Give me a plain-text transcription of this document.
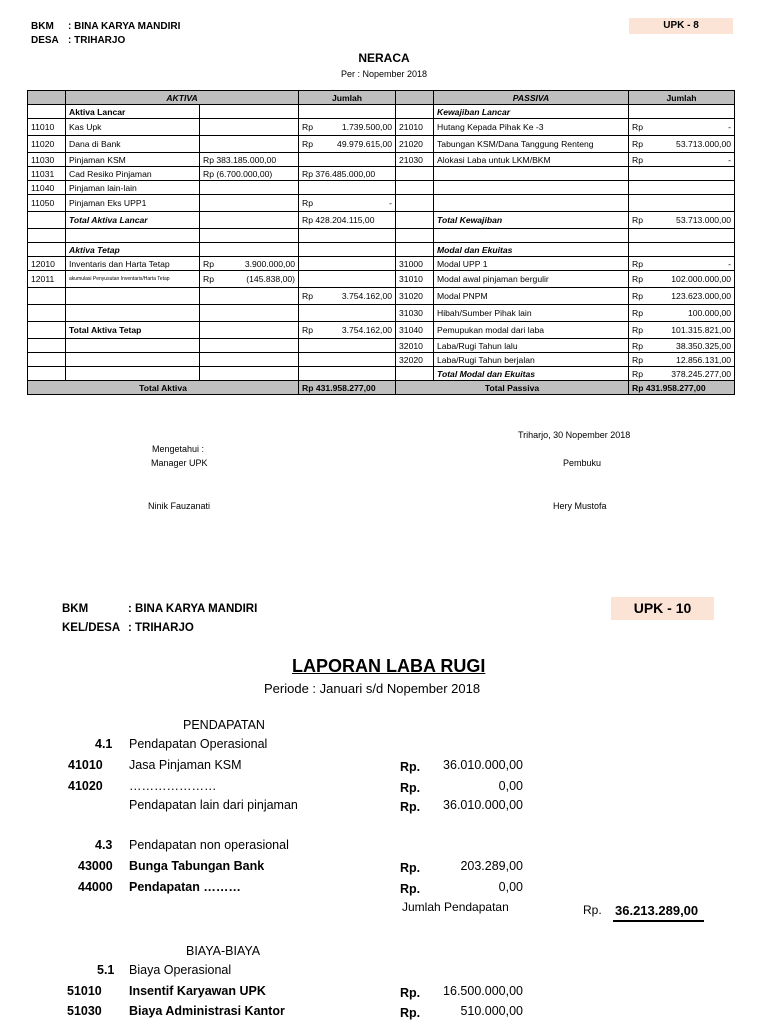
BKM : BINA KARYA MANDIRI
DESA : TRIHARJO
UPK - 8
NERACA
Per : Nopember 2018
	AKTIVA		Jumlah		PASSIVA	Jumlah
	Aktiva Lancar				Kewajiban Lancar	
11010	Kas Upk		Rp 1.739.500,00	21010	Hutang Kepada Pihak Ke -3	Rp -

11020	Dana di Bank		Rp 49.979.615,00	21020	Tabungan KSM/Dana Tanggung Renteng	Rp 53.713.000,00

11030	Pinjaman KSM	Rp 383.185.000,00		21030	Alokasi Laba untuk LKM/BKM	Rp -

11031	Cad Resiko Pinjaman	Rp (6.700.000,00)	Rp 376.485.000,00			
11040	Pinjaman lain-lain					
11050	Pinjaman Eks UPP1		Rp -			

	Total Aktiva Lancar		Rp 428.204.115,00		Total Kewajiban	Rp 53.713.000,00

	Aktiva Tetap				Modal dan Ekuitas	
12010	Inventaris dan Harta Tetap	Rp 3.900.000,00		31000	Modal UPP 1	Rp -

12011	akumulasi Penyusutan Inventaris/Harta Tetap	Rp (145.838,00)		31010	Modal awal pinjaman bergulir	Rp 102.000.000,00

			Rp 3.754.162,00	31020	Modal PNPM	Rp 123.623.000,00

				31030	Hibah/Sumber Pihak lain	Rp 100.000,00

	Total Aktiva Tetap		Rp 3.754.162,00	31040	Pemupukan modal dari laba	Rp 101.315.821,00

				32010	Laba/Rugi Tahun lalu	Rp 38.350.325,00

				32020	Laba/Rugi Tahun berjalan	Rp 12.856.131,00

					Total Modal dan Ekuitas	Rp 378.245.277,00

Total Aktiva			Rp 431.958.277,00	Total Passiva		Rp 431.958.277,00
Triharjo, 30 Nopember 2018
Mengetahui :
Manager UPK	Pembuku
Ninik Fauzanati	Hery Mustofa
BKM	: BINA KARYA MANDIRI
KEL/DESA : TRIHARJO
UPK - 10
LAPORAN LABA RUGI
Periode : Januari s/d Nopember 2018
PENDAPATAN
4.1 Pendapatan Operasional
41010 Jasa Pinjaman KSM	Rp. 36.010.000,00
41020 …………………	Rp.	0,00
Pendapatan lain dari pinjaman	Rp. 36.010.000,00
4.3 Pendapatan non operasional
43000 Bunga Tabungan Bank	Rp.	203.289,00
44000 Pendapatan ………	Rp.	0,00
Jumlah Pendapatan	Rp. 36.213.289,00
BIAYA-BIAYA
5.1 Biaya Operasional
51010 Insentif Karyawan UPK	Rp. 16.500.000,00
51030 Biaya Administrasi Kantor	Rp.	510.000,00
